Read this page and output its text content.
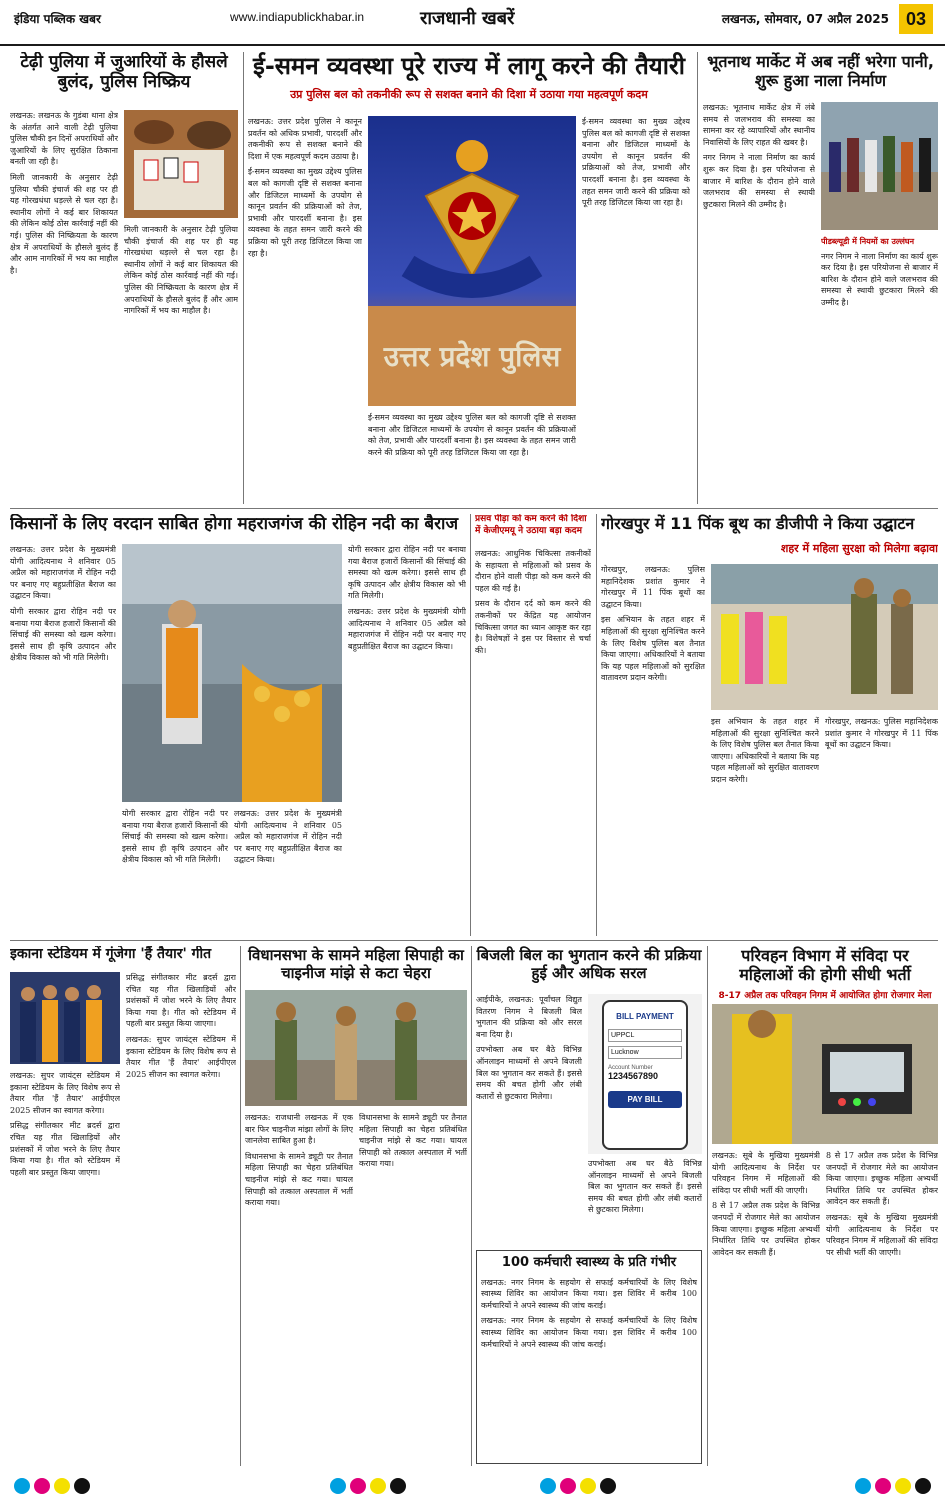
इंडिया पब्लिक खबर	www.indiapublickhabar.in	राजधानी खबरें	लखनऊ, सोमवार, 07 अप्रैल 2025 03
टेढ़ी पुलिया में जुआरियों के हौसले बुलंद, पुलिस निष्क्रिय

लखनऊ: लखनऊ के गुडंबा थाना क्षेत्र के अंतर्गत आने वाली टेढ़ी पुलिया पुलिस चौकी इन दिनों अपराधियों और जुआरियों के लिए सुरक्षित ठिकाना बनती जा रही है।

मिली जानकारी के अनुसार टेढ़ी पुलिया चौकी इंचार्ज की शह पर ही यह गोरखधंधा धड़ल्ले से चल रहा है। स्थानीय लोगों ने कई बार शिकायत की लेकिन कोई ठोस कार्रवाई नहीं की गई। पुलिस की निष्क्रियता के कारण क्षेत्र में अपराधियों के हौसले बुलंद हैं और आम नागरिकों में भय का माहौल है।

मिली जानकारी के अनुसार टेढ़ी पुलिया चौकी इंचार्ज की शह पर ही यह गोरखधंधा धड़ल्ले से चल रहा है। स्थानीय लोगों ने कई बार शिकायत की लेकिन कोई ठोस कार्रवाई नहीं की गई। पुलिस की निष्क्रियता के कारण क्षेत्र में अपराधियों के हौसले बुलंद हैं और आम नागरिकों में भय का माहौल है।

ई-समन व्यवस्था पूरे राज्य में लागू करने की तैयारी
उप्र पुलिस बल को तकनीकी रूप से सशक्त बनाने की दिशा में उठाया गया महत्वपूर्ण कदम

लखनऊ: उत्तर प्रदेश पुलिस ने कानून प्रवर्तन को अधिक प्रभावी, पारदर्शी और तकनीकी रूप से सशक्त बनाने की दिशा में एक महत्वपूर्ण कदम उठाया है।

ई-समन व्यवस्था का मुख्य उद्देश्य पुलिस बल को कागजी दृष्टि से सशक्त बनाना और डिजिटल माध्यमों के उपयोग से कानून प्रवर्तन की प्रक्रियाओं को तेज, प्रभावी और पारदर्शी बनाना है। इस व्यवस्था के तहत समन जारी करने की प्रक्रिया को पूरी तरह डिजिटल किया जा रहा है।

उत्तर प्रदेश पुलिस

ई-समन व्यवस्था का मुख्य उद्देश्य पुलिस बल को कागजी दृष्टि से सशक्त बनाना और डिजिटल माध्यमों के उपयोग से कानून प्रवर्तन की प्रक्रियाओं को तेज, प्रभावी और पारदर्शी बनाना है। इस व्यवस्था के तहत समन जारी करने की प्रक्रिया को पूरी तरह डिजिटल किया जा रहा है।

ई-समन व्यवस्था का मुख्य उद्देश्य पुलिस बल को कागजी दृष्टि से सशक्त बनाना और डिजिटल माध्यमों के उपयोग से कानून प्रवर्तन की प्रक्रियाओं को तेज, प्रभावी और पारदर्शी बनाना है। इस व्यवस्था के तहत समन जारी करने की प्रक्रिया को पूरी तरह डिजिटल किया जा रहा है।

भूतनाथ मार्केट में अब नहीं भरेगा पानी, शुरू हुआ नाला निर्माण

लखनऊ: भूतनाथ मार्केट क्षेत्र में लंबे समय से जलभराव की समस्या का सामना कर रहे व्यापारियों और स्थानीय निवासियों के लिए राहत की खबर है।

नगर निगम ने नाला निर्माण का कार्य शुरू कर दिया है। इस परियोजना से बाजार में बारिश के दौरान होने वाले जलभराव की समस्या से स्थायी छुटकारा मिलने की उम्मीद है।

पीडब्ल्यूडी में नियमों का उल्लंघन

नगर निगम ने नाला निर्माण का कार्य शुरू कर दिया है। इस परियोजना से बाजार में बारिश के दौरान होने वाले जलभराव की समस्या से स्थायी छुटकारा मिलने की उम्मीद है।

किसानों के लिए वरदान साबित होगा महराजगंज की रोहिन नदी का बैराज

लखनऊ: उत्तर प्रदेश के मुख्यमंत्री योगी आदित्यनाथ ने शनिवार 05 अप्रैल को महाराजगंज में रोहिन नदी पर बनाए गए बहुप्रतीक्षित बैराज का उद्घाटन किया।

योगी सरकार द्वारा रोहिन नदी पर बनाया गया बैराज हजारों किसानों की सिंचाई की समस्या को खत्म करेगा। इससे साथ ही कृषि उत्पादन और क्षेत्रीय विकास को भी गति मिलेगी।

योगी सरकार द्वारा रोहिन नदी पर बनाया गया बैराज हजारों किसानों की सिंचाई की समस्या को खत्म करेगा। इससे साथ ही कृषि उत्पादन और क्षेत्रीय विकास को भी गति मिलेगी।

लखनऊ: उत्तर प्रदेश के मुख्यमंत्री योगी आदित्यनाथ ने शनिवार 05 अप्रैल को महाराजगंज में रोहिन नदी पर बनाए गए बहुप्रतीक्षित बैराज का उद्घाटन किया।

योगी सरकार द्वारा रोहिन नदी पर बनाया गया बैराज हजारों किसानों की सिंचाई की समस्या को खत्म करेगा। इससे साथ ही कृषि उत्पादन और क्षेत्रीय विकास को भी गति मिलेगी।

लखनऊ: उत्तर प्रदेश के मुख्यमंत्री योगी आदित्यनाथ ने शनिवार 05 अप्रैल को महाराजगंज में रोहिन नदी पर बनाए गए बहुप्रतीक्षित बैराज का उद्घाटन किया।

प्रसव पीड़ा को कम करने की दिशा में केजीएमयू ने उठाया बड़ा कदम

लखनऊ: आधुनिक चिकित्सा तकनीकों के सहायता से महिलाओं को प्रसव के दौरान होने वाली पीड़ा को कम करने की पहल की गई है।

प्रसव के दौरान दर्द को कम करने की तकनीकों पर केंद्रित यह आयोजन चिकित्सा जगत का ध्यान आकृष्ट कर रहा है। विशेषज्ञों ने इस पर विस्तार से चर्चा की।

गोरखपुर में 11 पिंक बूथ का डीजीपी ने किया उद्घाटन
शहर में महिला सुरक्षा को मिलेगा बढ़ावा

गोरखपुर, लखनऊ: पुलिस महानिदेशक प्रशांत कुमार ने गोरखपुर में 11 पिंक बूथों का उद्घाटन किया।

इस अभियान के तहत शहर में महिलाओं की सुरक्षा सुनिश्चित करने के लिए विशेष पुलिस बल तैनात किया जाएगा। अधिकारियों ने बताया कि यह पहल महिलाओं को सुरक्षित वातावरण प्रदान करेगी।

इस अभियान के तहत शहर में महिलाओं की सुरक्षा सुनिश्चित करने के लिए विशेष पुलिस बल तैनात किया जाएगा। अधिकारियों ने बताया कि यह पहल महिलाओं को सुरक्षित वातावरण प्रदान करेगी।

गोरखपुर, लखनऊ: पुलिस महानिदेशक प्रशांत कुमार ने गोरखपुर में 11 पिंक बूथों का उद्घाटन किया।

इकाना स्टेडियम में गूंजेगा 'हैं तैयार' गीत

लखनऊ: सुपर जायंट्स स्टेडियम में इकाना स्टेडियम के लिए विशेष रूप से तैयार गीत 'हैं तैयार' आईपीएल 2025 सीजन का स्वागत करेगा।

प्रसिद्ध संगीतकार मीट ब्रदर्स द्वारा रचित यह गीत खिलाड़ियों और प्रशंसकों में जोश भरने के लिए तैयार किया गया है। गीत को स्टेडियम में पहली बार प्रस्तुत किया जाएगा।

प्रसिद्ध संगीतकार मीट ब्रदर्स द्वारा रचित यह गीत खिलाड़ियों और प्रशंसकों में जोश भरने के लिए तैयार किया गया है। गीत को स्टेडियम में पहली बार प्रस्तुत किया जाएगा।

लखनऊ: सुपर जायंट्स स्टेडियम में इकाना स्टेडियम के लिए विशेष रूप से तैयार गीत 'हैं तैयार' आईपीएल 2025 सीजन का स्वागत करेगा।

विधानसभा के सामने महिला सिपाही का चाइनीज मांझे से कटा चेहरा

लखनऊ: राजधानी लखनऊ में एक बार फिर चाइनीज मांझा लोगों के लिए जानलेवा साबित हुआ है।

विधानसभा के सामने ड्यूटी पर तैनात महिला सिपाही का चेहरा प्रतिबंधित चाइनीज मांझे से कट गया। घायल सिपाही को तत्काल अस्पताल में भर्ती कराया गया।

विधानसभा के सामने ड्यूटी पर तैनात महिला सिपाही का चेहरा प्रतिबंधित चाइनीज मांझे से कट गया। घायल सिपाही को तत्काल अस्पताल में भर्ती कराया गया।

बिजली बिल का भुगतान करने की प्रक्रिया हुई और अधिक सरल

आईपीके, लखनऊ: पूर्वांचल विद्युत वितरण निगम ने बिजली बिल भुगतान की प्रक्रिया को और सरल बना दिया है।

उपभोक्ता अब घर बैठे विभिन्न ऑनलाइन माध्यमों से अपने बिजली बिल का भुगतान कर सकते हैं। इससे समय की बचत होगी और लंबी कतारों से छुटकारा मिलेगा।

BILL PAYMENT
UPPCL
Lucknow
Account Number
1234567890
PAY BILL

उपभोक्ता अब घर बैठे विभिन्न ऑनलाइन माध्यमों से अपने बिजली बिल का भुगतान कर सकते हैं। इससे समय की बचत होगी और लंबी कतारों से छुटकारा मिलेगा।

100 कर्मचारी स्वास्थ्य के प्रति गंभीर

लखनऊ: नगर निगम के सहयोग से सफाई कर्मचारियों के लिए विशेष स्वास्थ्य शिविर का आयोजन किया गया। इस शिविर में करीब 100 कर्मचारियों ने अपने स्वास्थ्य की जांच कराई।

लखनऊ: नगर निगम के सहयोग से सफाई कर्मचारियों के लिए विशेष स्वास्थ्य शिविर का आयोजन किया गया। इस शिविर में करीब 100 कर्मचारियों ने अपने स्वास्थ्य की जांच कराई।

परिवहन विभाग में संविदा पर महिलाओं की होगी सीधी भर्ती
8-17 अप्रैल तक परिवहन निगम में आयोजित होगा रोजगार मेला

लखनऊ: सूबे के मुखिया मुख्यमंत्री योगी आदित्यनाथ के निर्देश पर परिवहन निगम में महिलाओं की संविदा पर सीधी भर्ती की जाएगी।

8 से 17 अप्रैल तक प्रदेश के विभिन्न जनपदों में रोजगार मेले का आयोजन किया जाएगा। इच्छुक महिला अभ्यर्थी निर्धारित तिथि पर उपस्थित होकर आवेदन कर सकती हैं।

8 से 17 अप्रैल तक प्रदेश के विभिन्न जनपदों में रोजगार मेले का आयोजन किया जाएगा। इच्छुक महिला अभ्यर्थी निर्धारित तिथि पर उपस्थित होकर आवेदन कर सकती हैं।

लखनऊ: सूबे के मुखिया मुख्यमंत्री योगी आदित्यनाथ के निर्देश पर परिवहन निगम में महिलाओं की संविदा पर सीधी भर्ती की जाएगी।
